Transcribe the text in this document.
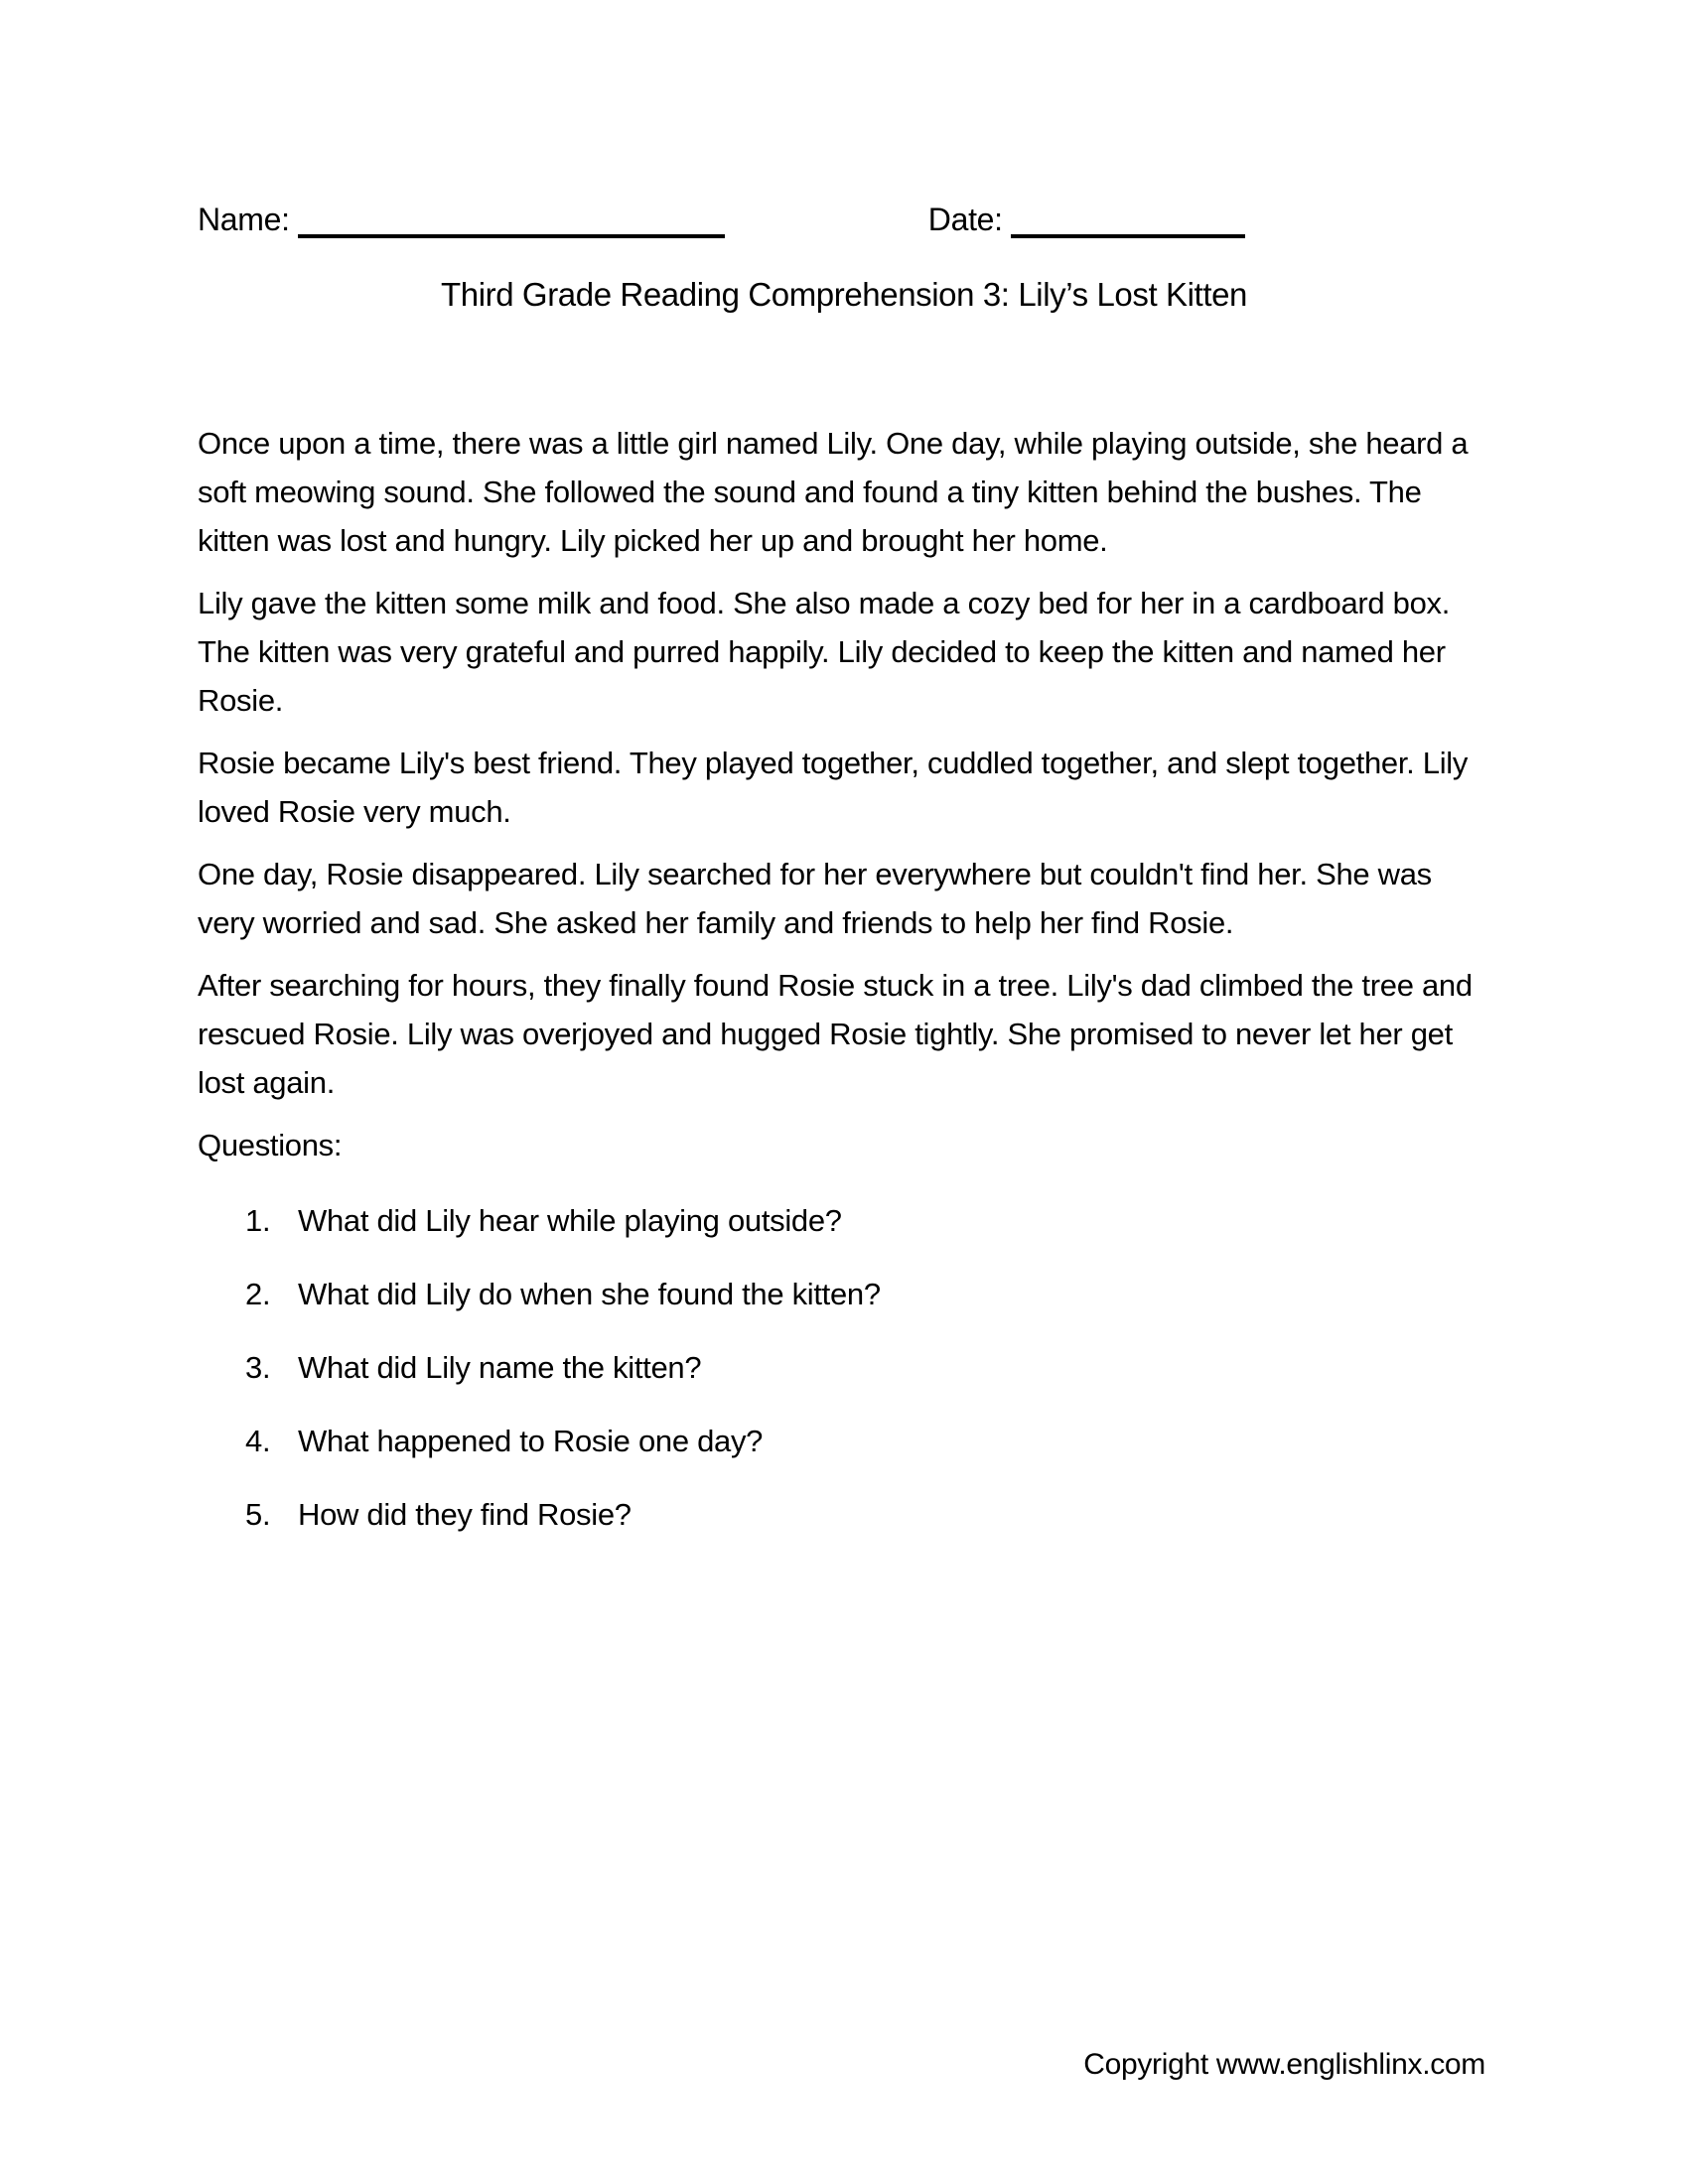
Name:	Date:
Third Grade Reading Comprehension 3: Lily’s Lost Kitten

Once upon a time, there was a little girl named Lily. One day, while playing outside, she heard a soft meowing sound. She followed the sound and found a tiny kitten behind the bushes. The kitten was lost and hungry. Lily picked her up and brought her home.

Lily gave the kitten some milk and food. She also made a cozy bed for her in a cardboard box. The kitten was very grateful and purred happily. Lily decided to keep the kitten and named her Rosie.

Rosie became Lily's best friend. They played together, cuddled together, and slept together. Lily loved Rosie very much.

One day, Rosie disappeared. Lily searched for her everywhere but couldn't find her. She was very worried and sad. She asked her family and friends to help her find Rosie.

After searching for hours, they finally found Rosie stuck in a tree. Lily's dad climbed the tree and rescued Rosie. Lily was overjoyed and hugged Rosie tightly. She promised to never let her get lost again.

Questions:

1. What did Lily hear while playing outside?
2. What did Lily do when she found the kitten?
3. What did Lily name the kitten?
4. What happened to Rosie one day?
5. How did they find Rosie?
Copyright www.englishlinx.com
